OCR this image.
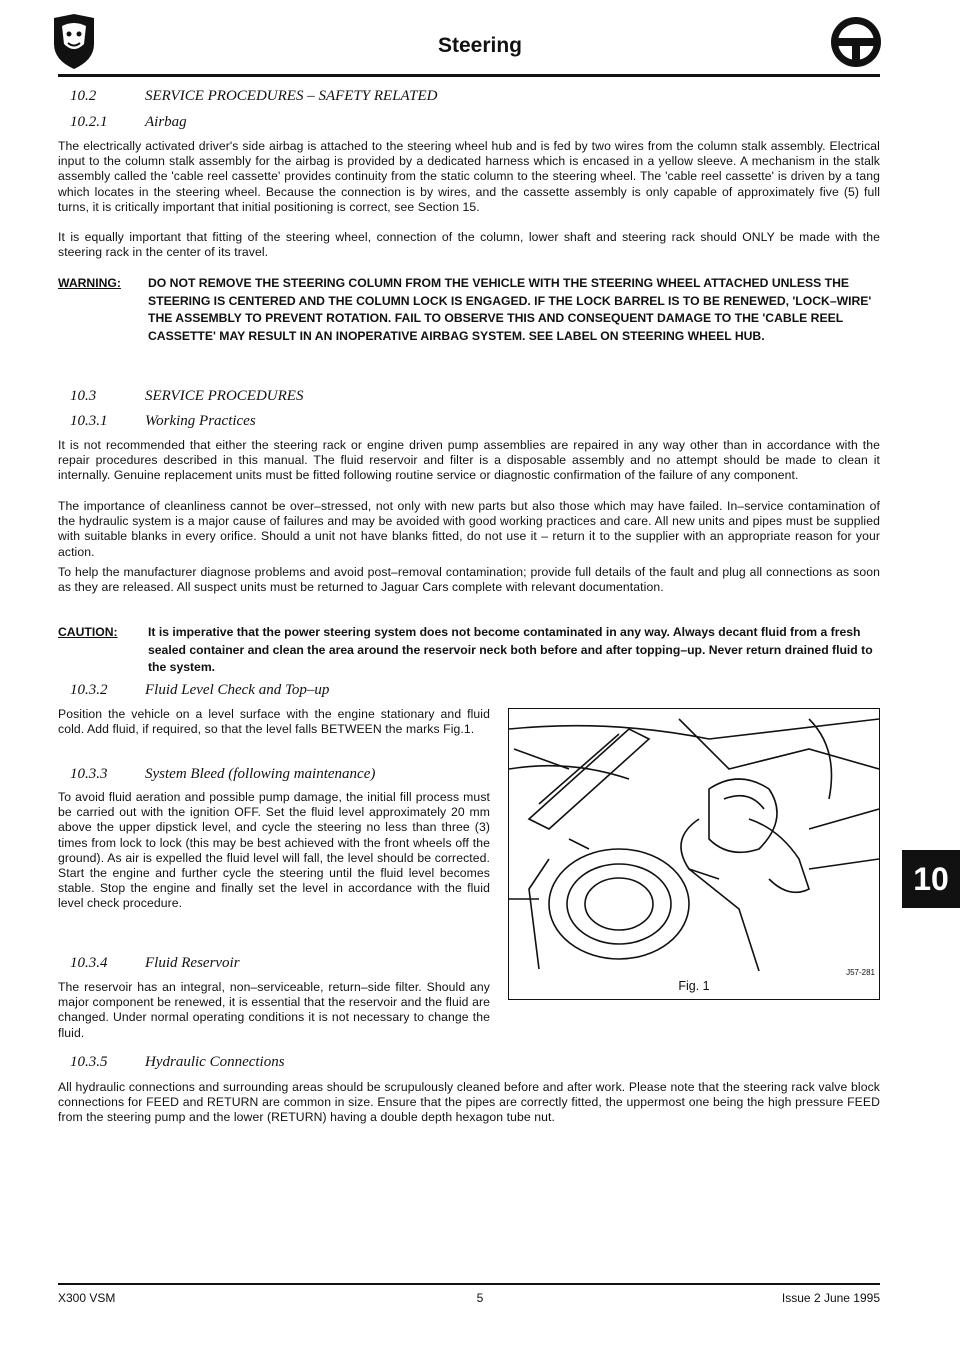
Steering
10.2	SERVICE PROCEDURES – SAFETY RELATED
10.2.1	Airbag
The electrically activated driver's side airbag is attached to the steering wheel hub and is fed by two wires from the column stalk assembly. Electrical input to the column stalk assembly for the airbag is provided by a dedicated harness which is encased in a yellow sleeve. A mechanism in the stalk assembly called the 'cable reel cassette' provides continuity from the static column to the steering wheel. The 'cable reel cassette' is driven by a tang which locates in the steering wheel. Because the connection is by wires, and the cassette assembly is only capable of approximately five (5) full turns, it is critically important that initial positioning is correct, see Section 15.
It is equally important that fitting of the steering wheel, connection of the column, lower shaft and steering rack should ONLY be made with the steering rack in the center of its travel.
WARNING: DO NOT REMOVE THE STEERING COLUMN FROM THE VEHICLE WITH THE STEERING WHEEL ATTACHED UNLESS THE STEERING IS CENTERED AND THE COLUMN LOCK IS ENGAGED. IF THE LOCK BARREL IS TO BE RENEWED, 'LOCK–WIRE' THE ASSEMBLY TO PREVENT ROTATION. FAIL TO OBSERVE THIS AND CONSEQUENT DAMAGE TO THE 'CABLE REEL CASSETTE' MAY RESULT IN AN INOPERATIVE AIRBAG SYSTEM. SEE LABEL ON STEERING WHEEL HUB.
10.3	SERVICE PROCEDURES
10.3.1	Working Practices
It is not recommended that either the steering rack or engine driven pump assemblies are repaired in any way other than in accordance with the repair procedures described in this manual. The fluid reservoir and filter is a disposable assembly and no attempt should be made to clean it internally. Genuine replacement units must be fitted following routine service or diagnostic confirmation of the failure of any component.
The importance of cleanliness cannot be over–stressed, not only with new parts but also those which may have failed. In–service contamination of the hydraulic system is a major cause of failures and may be avoided with good working practices and care. All new units and pipes must be supplied with suitable blanks in every orifice. Should a unit not have blanks fitted, do not use it – return it to the supplier with an appropriate reason for your action.
To help the manufacturer diagnose problems and avoid post–removal contamination; provide full details of the fault and plug all connections as soon as they are released. All suspect units must be returned to Jaguar Cars complete with relevant documentation.
CAUTION: It is imperative that the power steering system does not become contaminated in any way. Always decant fluid from a fresh sealed container and clean the area around the reservoir neck both before and after topping–up. Never return drained fluid to the system.
10.3.2	Fluid Level Check and Top–up
Position the vehicle on a level surface with the engine stationary and fluid cold. Add fluid, if required, so that the level falls BETWEEN the marks Fig.1.
10.3.3	System Bleed (following maintenance)
To avoid fluid aeration and possible pump damage, the initial fill process must be carried out with the ignition OFF. Set the fluid level approximately 20 mm above the upper dipstick level, and cycle the steering no less than three (3) times from lock to lock (this may be best achieved with the front wheels off the ground). As air is expelled the fluid level will fall, the level should be corrected. Start the engine and further cycle the steering until the fluid level becomes stable. Stop the engine and finally set the level in accordance with the fluid level check procedure.
10.3.4	Fluid Reservoir
The reservoir has an integral, non–serviceable, return–side filter. Should any major component be renewed, it is essential that the reservoir and the fluid are changed. Under normal operating conditions it is not necessary to change the fluid.
J57-281
Fig. 1
10.3.5	Hydraulic Connections
All hydraulic connections and surrounding areas should be scrupulously cleaned before and after work. Please note that the steering rack valve block connections for FEED and RETURN are common in size. Ensure that the pipes are correctly fitted, the uppermost one being the high pressure FEED from the steering pump and the lower (RETURN) having a double depth hexagon tube nut.
10
X300 VSM	5	Issue 2 June 1995
